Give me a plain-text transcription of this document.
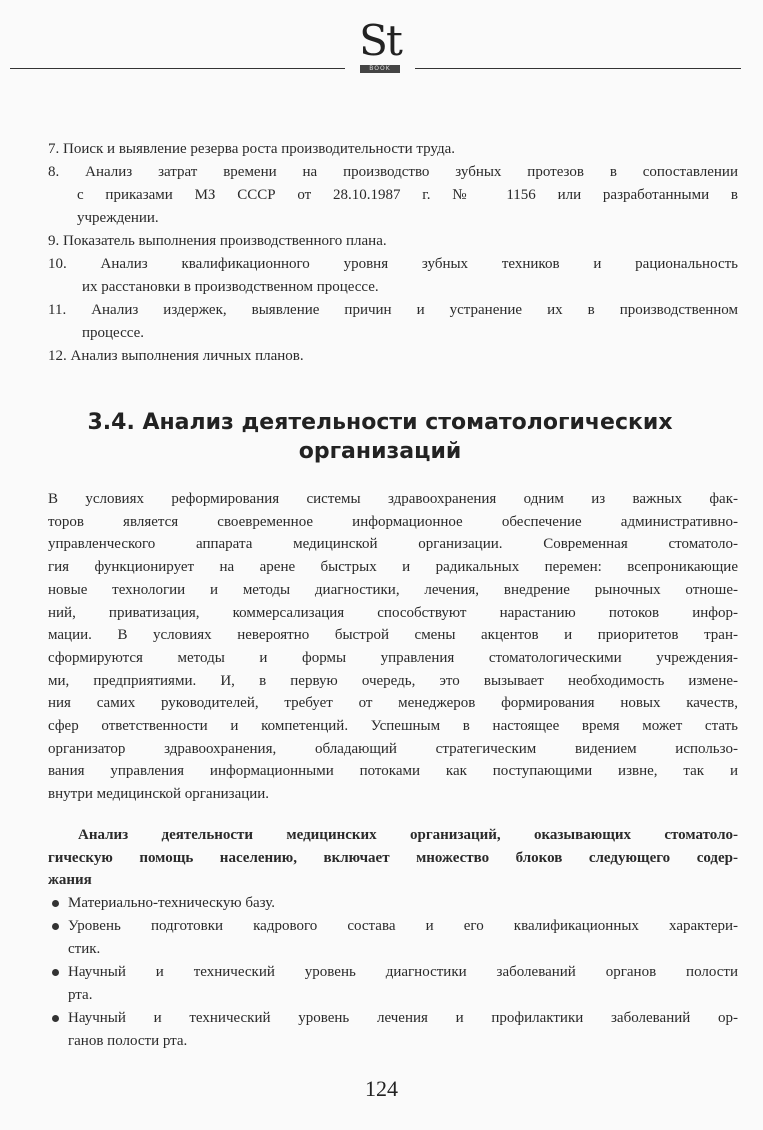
St
BOOK
7. Поиск и выявление резерва роста производительности труда.
8. Анализ затрат времени на производство зубных протезов в сопоставлении
с приказами МЗ СССР от 28.10.1987 г. № 1156 или разработанными в
учреждении.
9. Показатель выполнения производственного плана.
10. Анализ квалификационного уровня зубных техников и рациональность
их расстановки в производственном процессе.
11. Анализ издержек, выявление причин и устранение их в производственном
процессе.
12. Анализ выполнения личных планов.
3.4. Анализ деятельности стоматологических
организаций
В условиях реформирования системы здравоохранения одним из важных фак-
торов является своевременное информационное обеспечение административно-
управленческого аппарата медицинской организации. Современная стоматоло-
гия функционирует на арене быстрых и радикальных перемен: всепроникающие
новые технологии и методы диагностики, лечения, внедрение рыночных отноше-
ний, приватизация, коммерсализация способствуют нарастанию потоков инфор-
мации. В условиях невероятно быстрой смены акцентов и приоритетов тран-
сформируются методы и формы управления стоматологическими учреждения-
ми, предприятиями. И, в первую очередь, это вызывает необходимость измене-
ния самих руководителей, требует от менеджеров формирования новых качеств,
сфер ответственности и компетенций. Успешным в настоящее время может стать
организатор здравоохранения, обладающий стратегическим видением использо-
вания управления информационными потоками как поступающими извне, так и
внутри медицинской организации.
Анализ деятельности медицинских организаций, оказывающих стоматоло-
гическую помощь населению, включает множество блоков следующего содер-
жания
Материально-техническую базу.
Уровень подготовки кадрового состава и его квалификационных характери-
стик.
Научный и технический уровень диагностики заболеваний органов полости
рта.
Научный и технический уровень лечения и профилактики заболеваний ор-
ганов полости рта.
124
